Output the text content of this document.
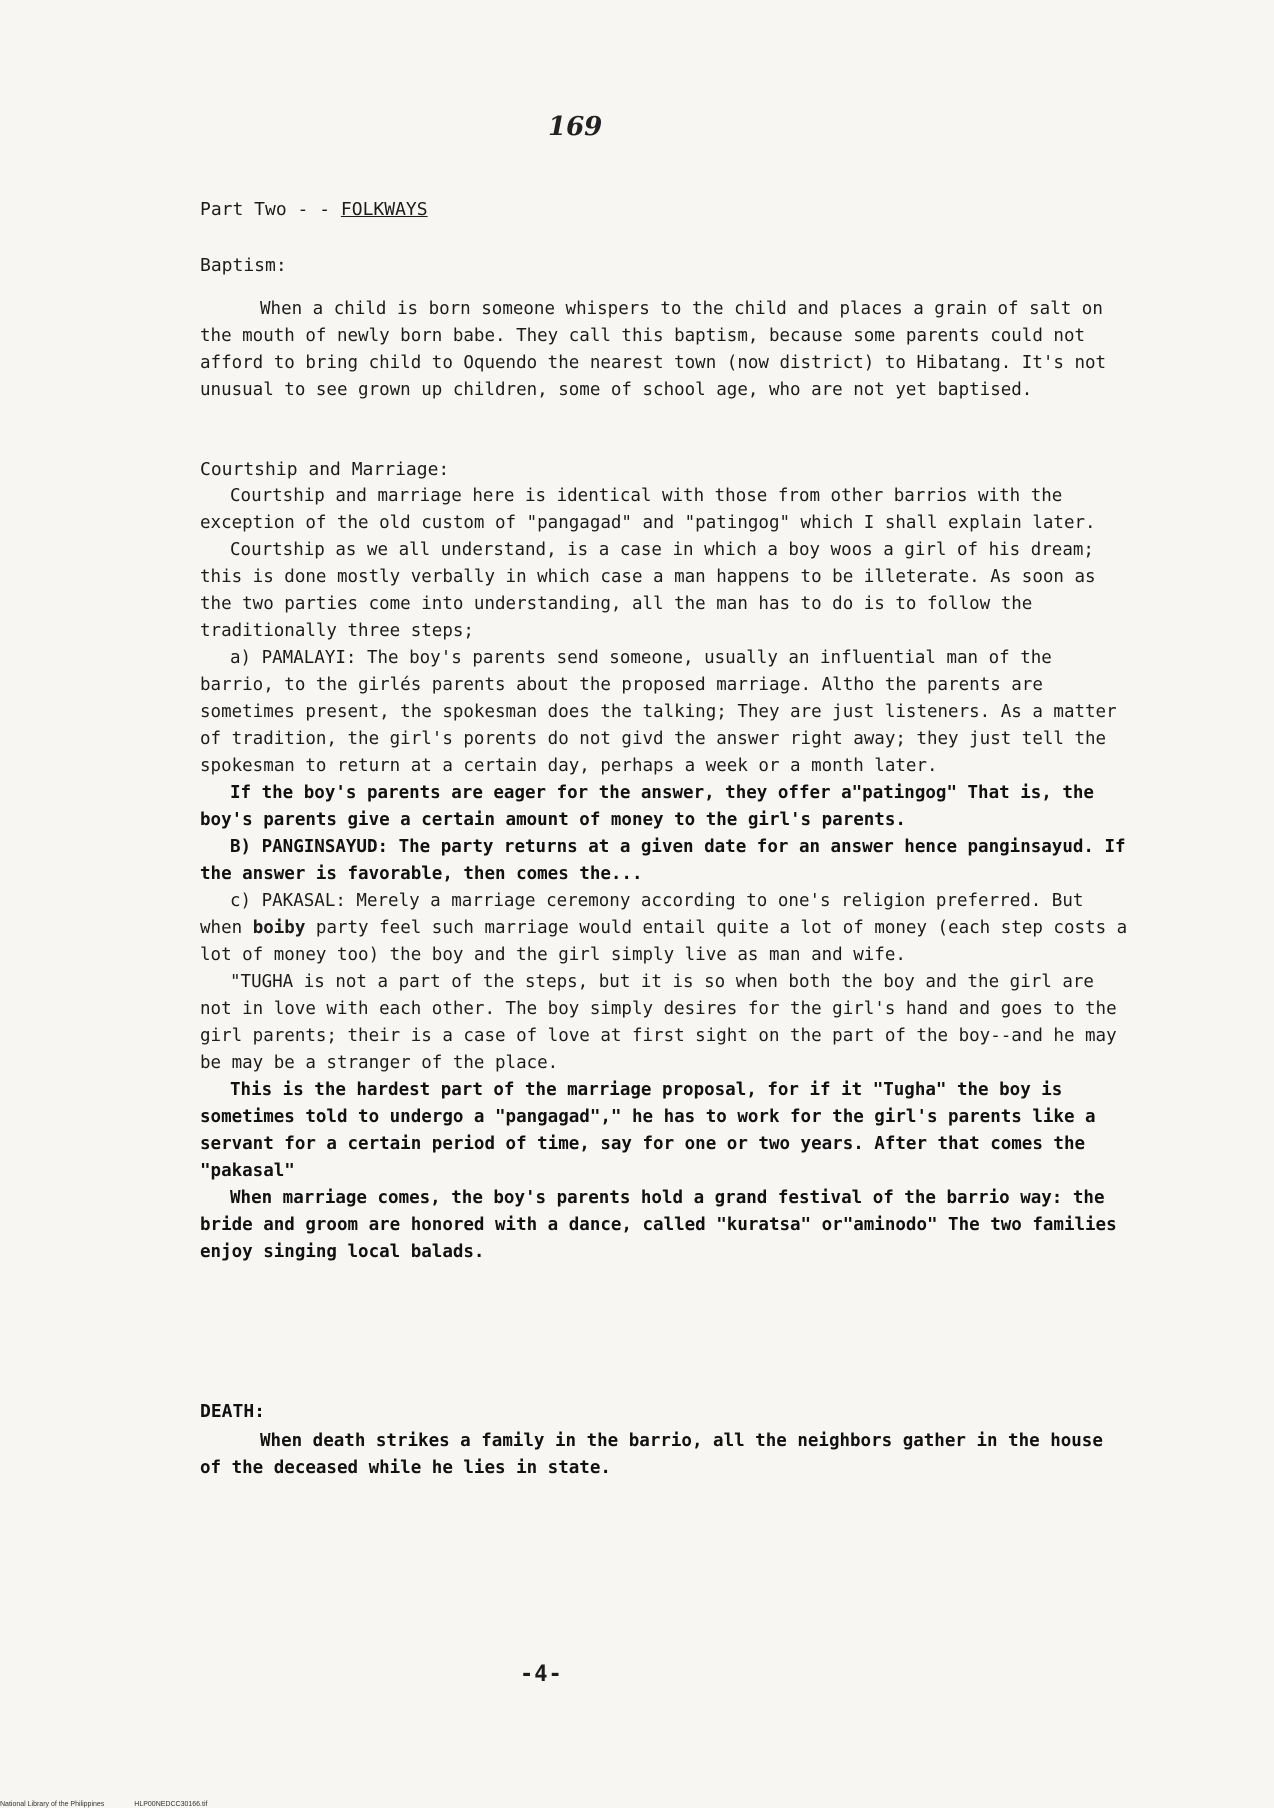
169
Part Two - - FOLKWAYS
Baptism:

When a child is born someone whispers to the child and places a grain of salt on the mouth of newly born babe. They call this baptism, because some parents could not afford to bring child to Oquendo the nearest town (now district) to Hibatang. It's not unusual to see grown up children, some of school age, who are not yet baptised.

Courtship and Marriage:

Courtship and marriage here is identical with those from other barrios with the exception of the old custom of "pangagad" and "patingog" which I shall explain later.

Courtship as we all understand, is a case in which a boy woos a girl of his dream; this is done mostly verbally in which case a man happens to be illeterate. As soon as the two parties come into understanding, all the man has to do is to follow the traditionally three steps;

a) PAMALAYI: The boy's parents send someone, usually an influential man of the barrio, to the girlés parents about the proposed marriage. Altho the parents are sometimes present, the spokesman does the talking; They are just listeners. As a matter of tradition, the girl's porents do not givd the answer right away; they just tell the spokesman to return at a certain day, perhaps a week or a month later.

If the boy's parents are eager for the answer, they offer a"patingog" That is, the boy's parents give a certain amount of money to the girl's parents.

B) PANGINSAYUD: The party returns at a given date for an answer hence panginsayud. If the answer is favorable, then comes the...

c) PAKASAL: Merely a marriage ceremony according to one's religion preferred. But when boiby party feel such marriage would entail quite a lot of money (each step costs a lot of money too) the boy and the girl simply live as man and wife.

"TUGHA is not a part of the steps, but it is so when both the boy and the girl are not in love with each other. The boy simply desires for the girl's hand and goes to the girl parents; their is a case of love at first sight on the part of the boy--and he may be may be a stranger of the place.

This is the hardest part of the marriage proposal, for if it "Tugha" the boy is sometimes told to undergo a "pangagad"," he has to work for the girl's parents like a servant for a certain period of time, say for one or two years. After that comes the "pakasal"

When marriage comes, the boy's parents hold a grand festival of the barrio way: the bride and groom are honored with a dance, called "kuratsa" or"aminodo" The two families enjoy singing local balads.

DEATH:

When death strikes a family in the barrio, all the neighbors gather in the house of the deceased while he lies in state.

-4-
National Library of the Philippines	HLP00NEDCC30166.tif
